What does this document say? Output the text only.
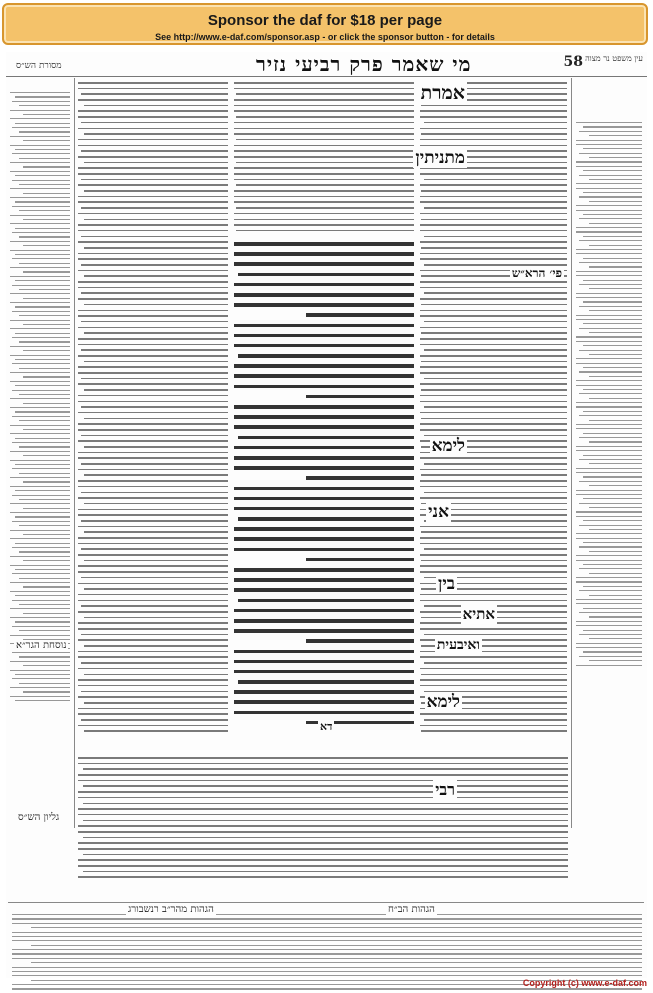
Sponsor the daf for $18 per page
See http://www.e-daf.com/sponsor.asp - or click the sponsor button - for details
מסורת הש״ס	מי שאמר פרק רביעי נזיר	58 עין משפט נר מצוה
אמרת
מתניתין
פי׳ הרא״ש
לימא
אני
בין
אתיא
ואיבעית
לימא
רבי
דא
נוסחת הגר״א
גליון הש״ס
הגהות הב״ח
הגהות מהר״ב רנשבורג
Copyright (c) www.e-daf.com
